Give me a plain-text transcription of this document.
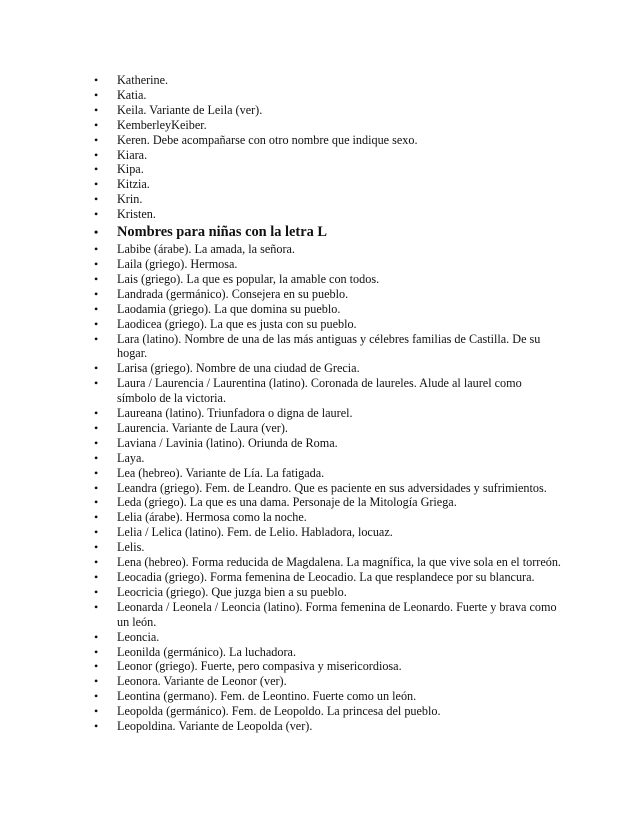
• Katherine.
• Katia.
• Keila. Variante de Leila (ver).
• KemberleyKeiber.
• Keren. Debe acompañarse con otro nombre que indique sexo.
• Kiara.
• Kipa.
• Kitzia.
• Krin.
• Kristen.
• Nombres para niñas con la letra L
• Labibe (árabe). La amada, la señora.
• Laila (griego). Hermosa.
• Lais (griego). La que es popular, la amable con todos.
• Landrada (germánico). Consejera en su pueblo.
• Laodamia (griego). La que domina su pueblo.
• Laodicea (griego). La que es justa con su pueblo.
• Lara (latino). Nombre de una de las más antiguas y célebres familias de Castilla. De su hogar.
• Larisa (griego). Nombre de una ciudad de Grecia.
• Laura / Laurencia / Laurentina (latino). Coronada de laureles. Alude al laurel como símbolo de la victoria.
• Laureana (latino). Triunfadora o digna de laurel.
• Laurencia. Variante de Laura (ver).
• Laviana / Lavinia (latino). Oriunda de Roma.
• Laya.
• Lea (hebreo). Variante de Lía. La fatigada.
• Leandra (griego). Fem. de Leandro. Que es paciente en sus adversidades y sufrimientos.
• Leda (griego). La que es una dama. Personaje de la Mitología Griega.
• Lelia (árabe). Hermosa como la noche.
• Lelia / Lelica (latino). Fem. de Lelio. Habladora, locuaz.
• Lelis.
• Lena (hebreo). Forma reducida de Magdalena. La magnífica, la que vive sola en el torreón.
• Leocadia (griego). Forma femenina de Leocadio. La que resplandece por su blancura.
• Leocricia (griego). Que juzga bien a su pueblo.
• Leonarda / Leonela / Leoncia (latino). Forma femenina de Leonardo. Fuerte y brava como un león.
• Leoncia.
• Leonilda (germánico). La luchadora.
• Leonor (griego). Fuerte, pero compasiva y misericordiosa.
• Leonora. Variante de Leonor (ver).
• Leontina (germano). Fem. de Leontino. Fuerte como un león.
• Leopolda (germánico). Fem. de Leopoldo. La princesa del pueblo.
• Leopoldina. Variante de Leopolda (ver).
